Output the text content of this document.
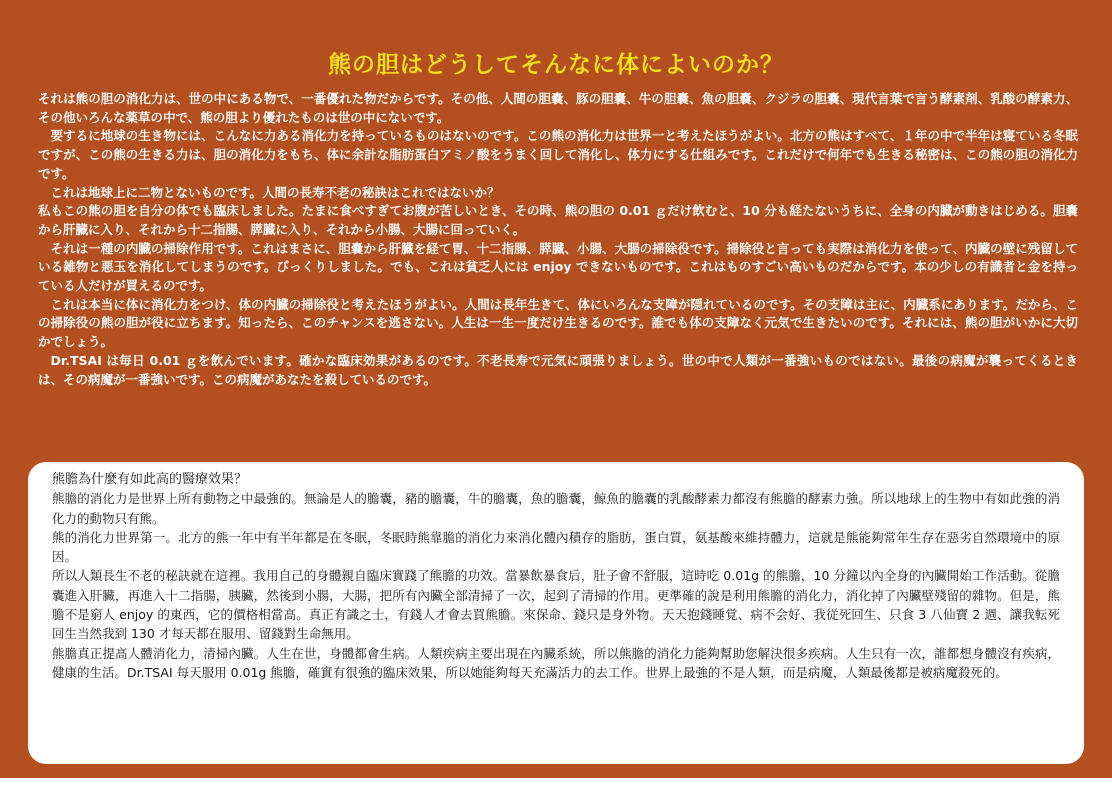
熊の胆はどうしてそんなに体によいのか？

それは熊の胆の消化力は、世の中にある物で、一番優れた物だからです。その他、人間の胆嚢、豚の胆嚢、牛の胆嚢、魚の胆嚢、クジラの胆嚢、現代言葉で言う酵素剤、乳酸の酵素力、その他いろんな薬草の中で、熊の胆より優れたものは世の中にないです。

要するに地球の生き物には、こんなに力ある消化力を持っているものはないのです。この熊の消化力は世界一と考えたほうがよい。北方の熊はすべて、１年の中で半年は寝ている冬眠ですが、この熊の生きる力は、胆の消化力をもち、体に余計な脂肪蛋白アミノ酸をうまく回して消化し、体力にする仕組みです。これだけで何年でも生きる秘密は、この熊の胆の消化力です。

これは地球上に二物とないものです。人間の長寿不老の秘訣はこれではないか？

私もこの熊の胆を自分の体でも臨床しました。たまに食べすぎてお腹が苦しいとき、その時、熊の胆の 0.01 ｇだけ飲むと、10 分も経たないうちに、全身の内臓が動きはじめる。胆嚢から肝臓に入り、それから十二指腸、膵臓に入り、それから小腸、大腸に回っていく。

それは一種の内臓の掃除作用です。これはまさに、胆嚢から肝臓を経て胃、十二指腸、膵臓、小腸、大腸の掃除役です。掃除役と言っても実際は消化力を使って、内臓の壁に残留している雑物と悪玉を消化してしまうのです。びっくりしました。でも、これは貧乏人には enjoy できないものです。これはものすごい高いものだからです。本の少しの有識者と金を持っている人だけが買えるのです。

これは本当に体に消化力をつけ、体の内臓の掃除役と考えたほうがよい。人間は長年生きて、体にいろんな支障が隠れているのです。その支障は主に、内臓系にあります。だから、この掃除役の熊の胆が役に立ちます。知ったら、このチャンスを逃さない。人生は一生一度だけ生きるのです。誰でも体の支障なく元気で生きたいのです。それには、熊の胆がいかに大切かでしょう。

Dr.TSAI は毎日 0.01 ｇを飲んでいます。確かな臨床効果があるのです。不老長寿で元気に頑張りましょう。世の中で人類が一番強いものではない。最後の病魔が襲ってくるときは、その病魔が一番強いです。この病魔があなたを殺しているのです。

熊膽為什麼有如此高的醫療效果？

熊膽的消化力是世界上所有動物之中最強的。無論是人的膽囊，豬的膽囊，牛的膽囊，魚的膽囊，鯨魚的膽囊的乳酸酵素力都沒有熊膽的酵素力強。所以地球上的生物中有如此強的消化力的動物只有熊。

熊的消化力世界第一。北方的熊一年中有半年都是在冬眠，冬眠時熊靠膽的消化力來消化體內積存的脂肪，蛋白質，氨基酸來維持體力，這就是熊能夠常年生存在惡劣自然環境中的原因。

所以人類長生不老的秘訣就在這裡。我用自己的身體親自臨床實踐了熊膽的功效。當暴飲暴食后，肚子會不舒服，這時吃 0.01g 的熊膽，10 分鐘以內全身的內臟開始工作活動。從膽囊進入肝臟，再進入十二指腸，胰臟，然後到小腸，大腸，把所有內臟全部清掃了一次，起到了清掃的作用。更準確的說是利用熊膽的消化力，消化掉了內臟壁殘留的雜物。但是，熊膽不是窮人 enjoy 的東西，它的價格相當高。真正有識之士，有錢人才會去買熊膽。來保命、錢只是身外物。天天抱錢睡覚、病不会好、我従死回生、只食 3 八仙寶 2 週、讓我転死回生当然我到 130 才每天都在服用、留錢對生命無用。

熊膽真正提高人體消化力，清掃內臟。人生在世，身體都會生病。人類疾病主要出現在內臟系統，所以熊膽的消化力能夠幫助您解決很多疾病。人生只有一次，誰都想身體沒有疾病，健康的生活。Dr.TSAI 每天服用 0.01g 熊膽，確實有很強的臨床效果，所以她能夠每天充滿活力的去工作。世界上最強的不是人類，而是病魔，人類最後都是被病魔殺死的。
